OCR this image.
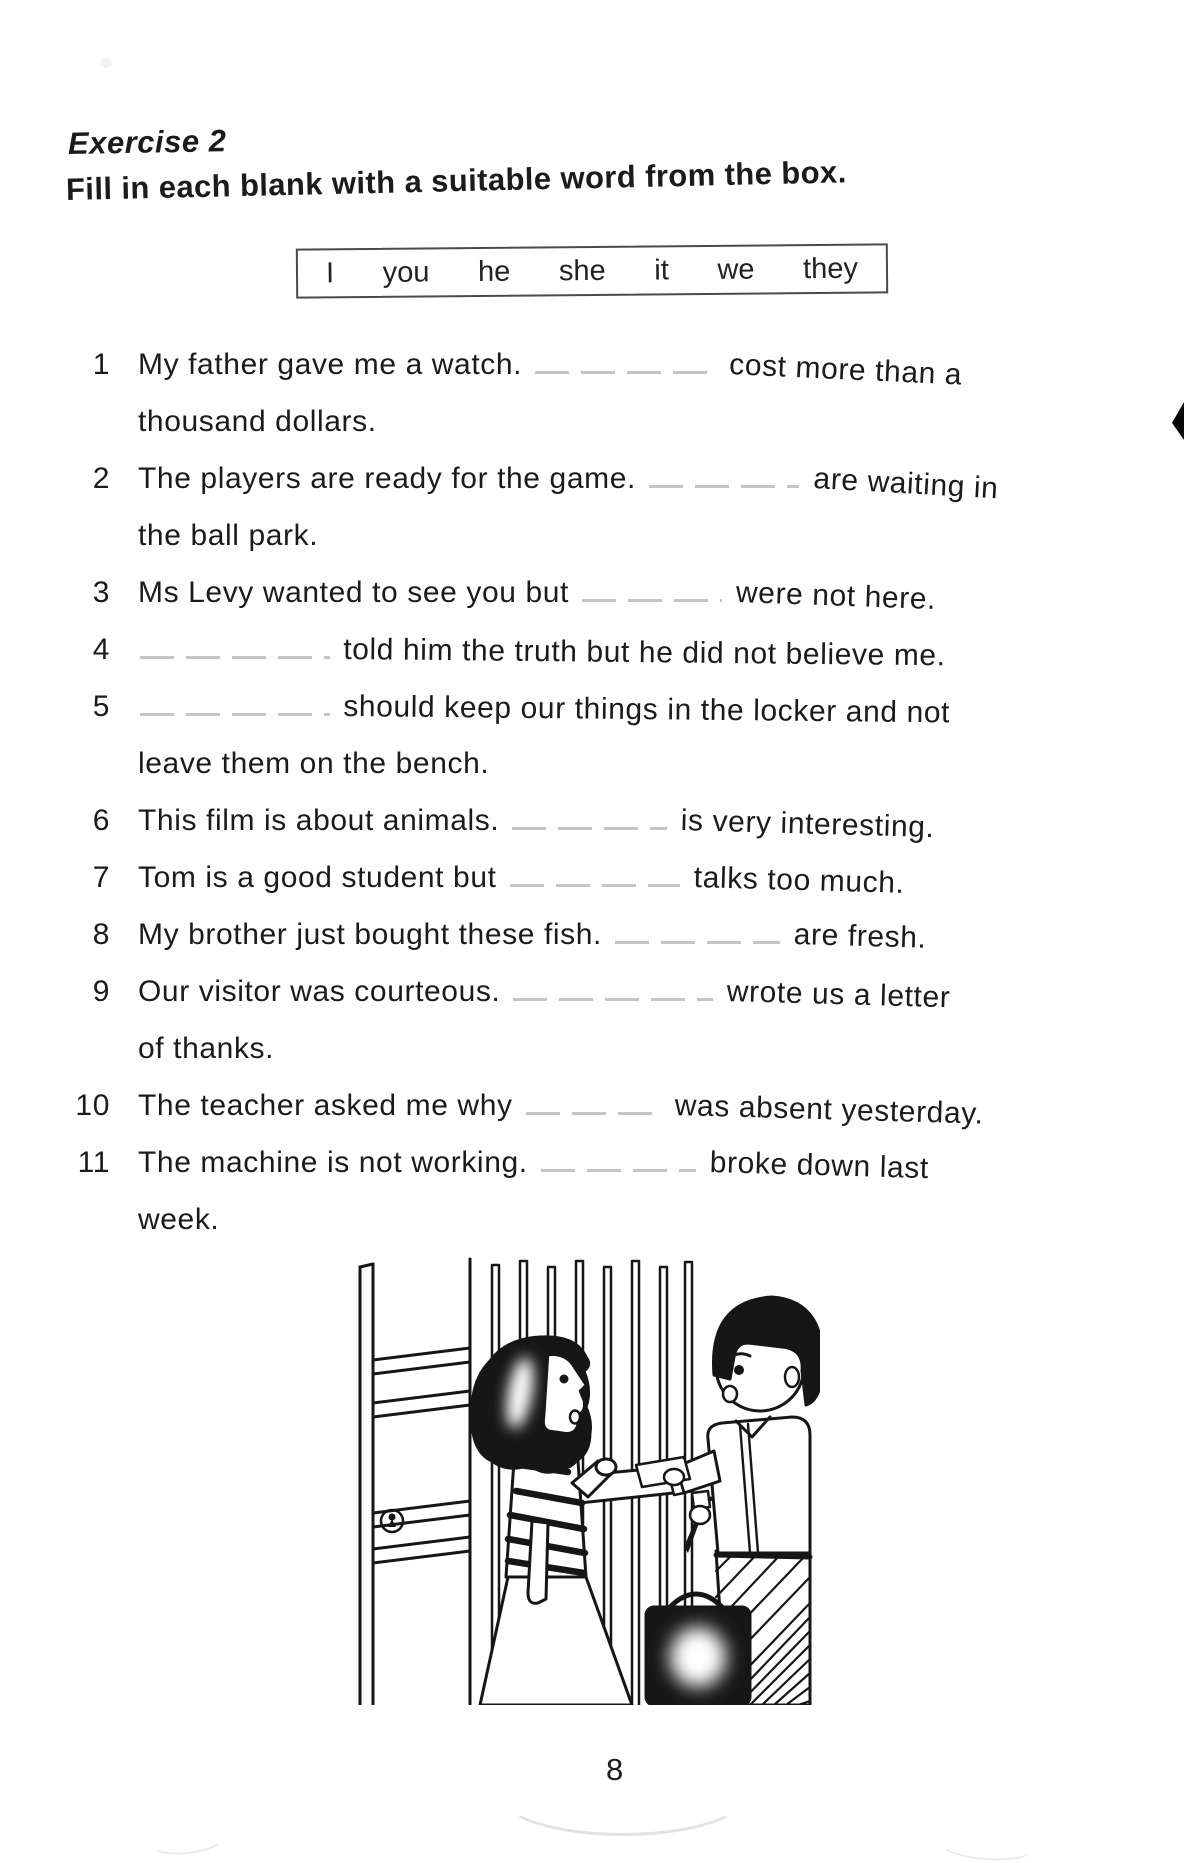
Exercise 2
Fill in each blank with a suitable word from the box.
I you he she it we they
1 My father gave me a watch.	cost more than a
thousand dollars.
2 The players are ready for the game.	are waiting in
the ball park.
3 Ms Levy wanted to see you but	were not here.
4	told him the truth but he did not believe me.
5	should keep our things in the locker and not
leave them on the bench.
6 This film is about animals.	is very interesting.
7 Tom is a good student but	talks too much.
8 My brother just bought these fish.	are fresh.
9 Our visitor was courteous.	wrote us a letter
of thanks.
10 The teacher asked me why	was absent yesterday.
11 The machine is not working.	broke down last
week.
8
